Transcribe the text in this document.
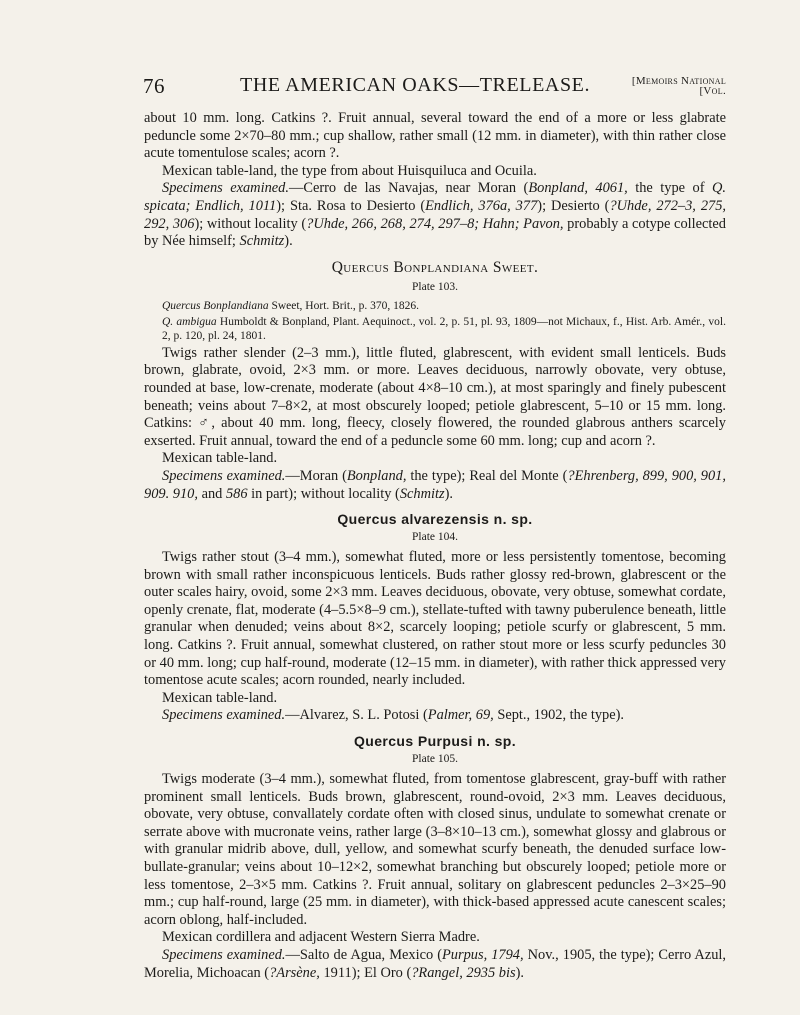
76	THE AMERICAN OAKS—TRELEASE.	[Memoirs National
[Vol.

about 10 mm. long. Catkins ?. Fruit annual, several toward the end of a more or less glabrate peduncle some 2×70–80 mm.; cup shallow, rather small (12 mm. in diameter), with thin rather close acute tomentulose scales; acorn ?.

Mexican table-land, the type from about Huisquiluca and Ocuila.

Specimens examined.—Cerro de las Navajas, near Moran (Bonpland, 4061, the type of Q. spicata; Endlich, 1011); Sta. Rosa to Desierto (Endlich, 376a, 377); Desierto (?Uhde, 272–3, 275, 292, 306); without locality (?Uhde, 266, 268, 274, 297–8; Hahn; Pavon, probably a cotype collected by Née himself; Schmitz).

Quercus Bonplandiana Sweet.
Plate 103.

Quercus Bonplandiana Sweet, Hort. Brit., p. 370, 1826.

Q. ambigua Humboldt & Bonpland, Plant. Aequinoct., vol. 2, p. 51, pl. 93, 1809—not Michaux, f., Hist. Arb. Amér., vol. 2, p. 120, pl. 24, 1801.

Twigs rather slender (2–3 mm.), little fluted, glabrescent, with evident small lenticels. Buds brown, glabrate, ovoid, 2×3 mm. or more. Leaves deciduous, narrowly obovate, very obtuse, rounded at base, low-crenate, moderate (about 4×8–10 cm.), at most sparingly and finely pubescent beneath; veins about 7–8×2, at most obscurely looped; petiole glabrescent, 5–10 or 15 mm. long. Catkins: ♂, about 40 mm. long, fleecy, closely flowered, the rounded glabrous anthers scarcely exserted. Fruit annual, toward the end of a peduncle some 60 mm. long; cup and acorn ?.

Mexican table-land.

Specimens examined.—Moran (Bonpland, the type); Real del Monte (?Ehrenberg, 899, 900, 901, 909. 910, and 586 in part); without locality (Schmitz).

Quercus alvarezensis n. sp.
Plate 104.

Twigs rather stout (3–4 mm.), somewhat fluted, more or less persistently tomentose, becoming brown with small rather inconspicuous lenticels. Buds rather glossy red-brown, glabrescent or the outer scales hairy, ovoid, some 2×3 mm. Leaves deciduous, obovate, very obtuse, somewhat cordate, openly crenate, flat, moderate (4–5.5×8–9 cm.), stellate-tufted with tawny puberulence beneath, little granular when denuded; veins about 8×2, scarcely looping; petiole scurfy or glabrescent, 5 mm. long. Catkins ?. Fruit annual, somewhat clustered, on rather stout more or less scurfy peduncles 30 or 40 mm. long; cup half-round, moderate (12–15 mm. in diameter), with rather thick appressed very tomentose acute scales; acorn rounded, nearly included.

Mexican table-land.

Specimens examined.—Alvarez, S. L. Potosi (Palmer, 69, Sept., 1902, the type).

Quercus Purpusi n. sp.
Plate 105.

Twigs moderate (3–4 mm.), somewhat fluted, from tomentose glabrescent, gray-buff with rather prominent small lenticels. Buds brown, glabrescent, round-ovoid, 2×3 mm. Leaves deciduous, obovate, very obtuse, convallately cordate often with closed sinus, undulate to somewhat crenate or serrate above with mucronate veins, rather large (3–8×10–13 cm.), somewhat glossy and glabrous or with granular midrib above, dull, yellow, and somewhat scurfy beneath, the denuded surface low-bullate-granular; veins about 10–12×2, somewhat branching but obscurely looped; petiole more or less tomentose, 2–3×5 mm. Catkins ?. Fruit annual, solitary on glabrescent peduncles 2–3×25–90 mm.; cup half-round, large (25 mm. in diameter), with thick-based appressed acute canescent scales; acorn oblong, half-included.

Mexican cordillera and adjacent Western Sierra Madre.

Specimens examined.—Salto de Agua, Mexico (Purpus, 1794, Nov., 1905, the type); Cerro Azul, Morelia, Michoacan (?Arsène, 1911); El Oro (?Rangel, 2935 bis).
